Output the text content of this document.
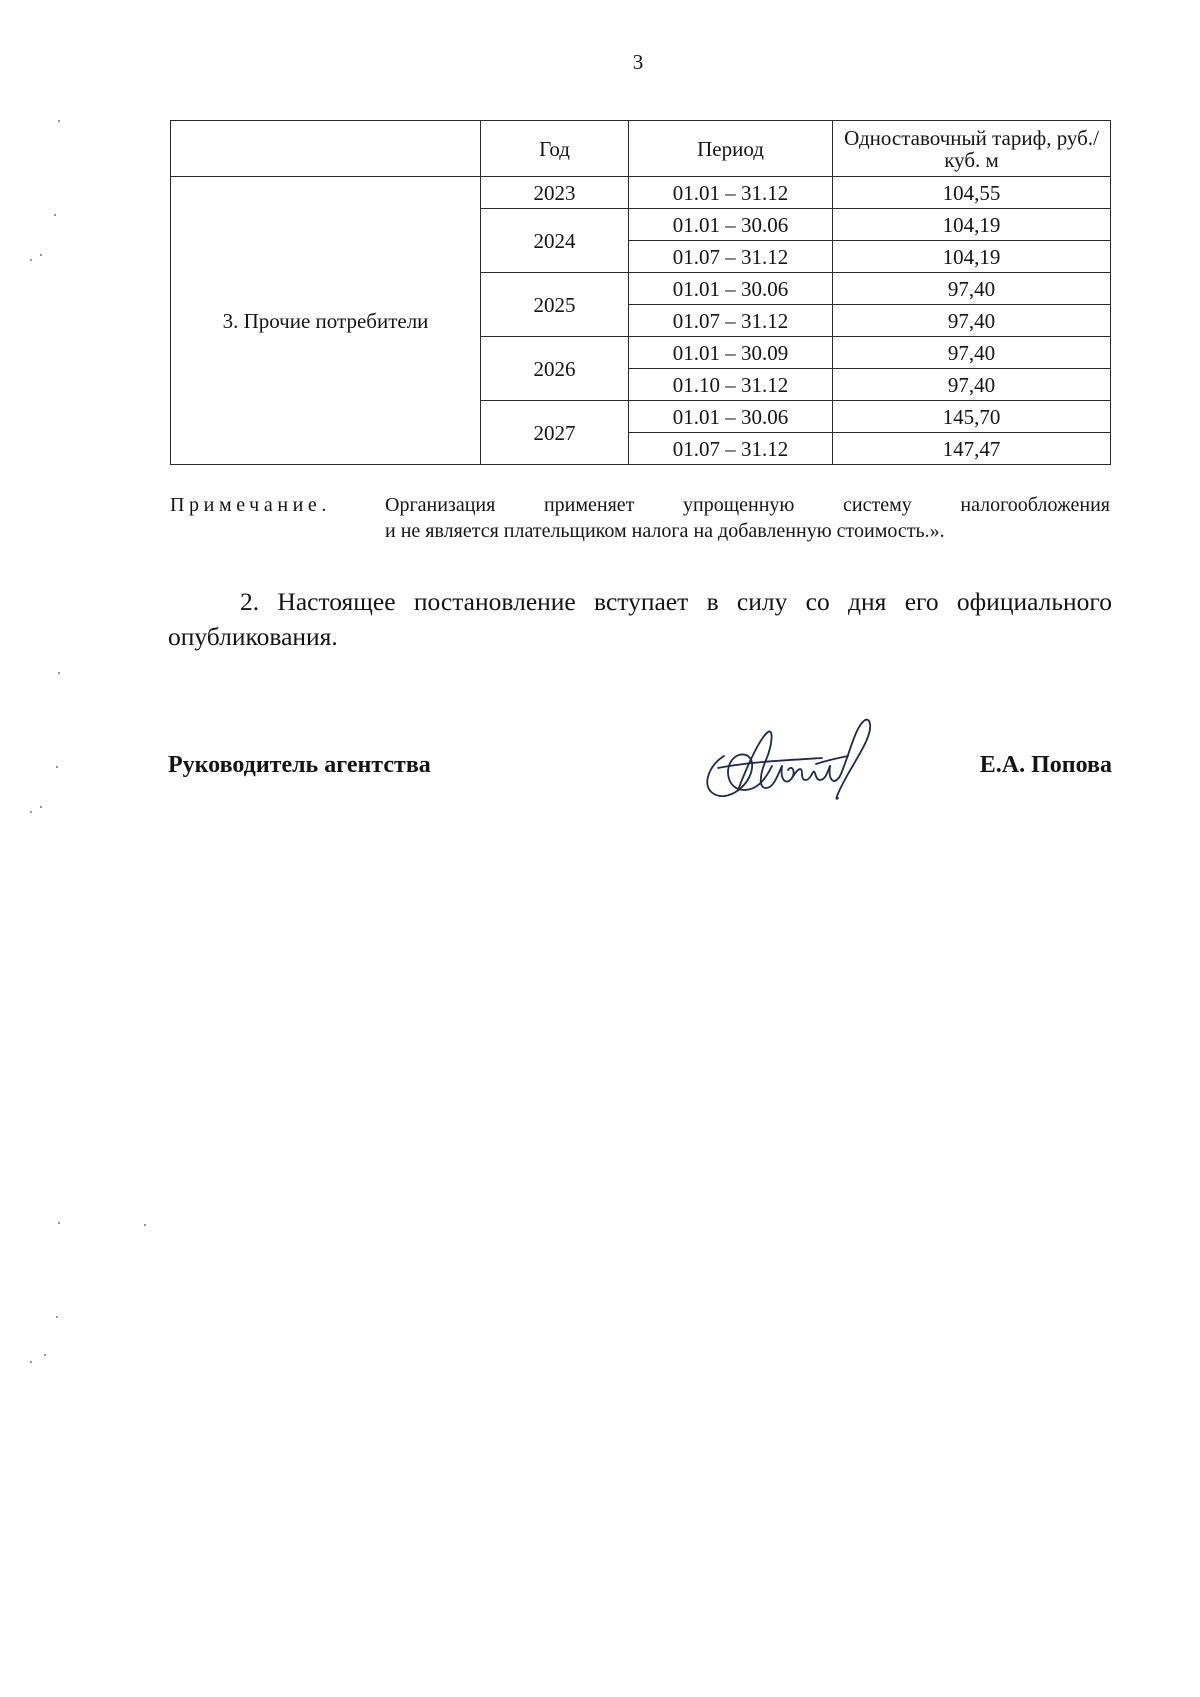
3
	Год	Период	Одноставочный тариф, руб./куб. м
3. Прочие потребители	2023	01.01 – 31.12	104,55
	2024	01.01 – 30.06	104,19
		01.07 – 31.12	104,19
	2025	01.01 – 30.06	97,40
		01.07 – 31.12	97,40
	2026	01.01 – 30.09	97,40
		01.10 – 31.12	97,40
	2027	01.01 – 30.06	145,70
		01.07 – 31.12	147,47
Примечание.	Организация применяет упрощенную систему налогообложения
и не является плательщиком налога на добавленную стоимость.».
2. Настоящее постановление вступает в силу со дня его официального опубликования.
Руководитель агентства	Е.А. Попова
